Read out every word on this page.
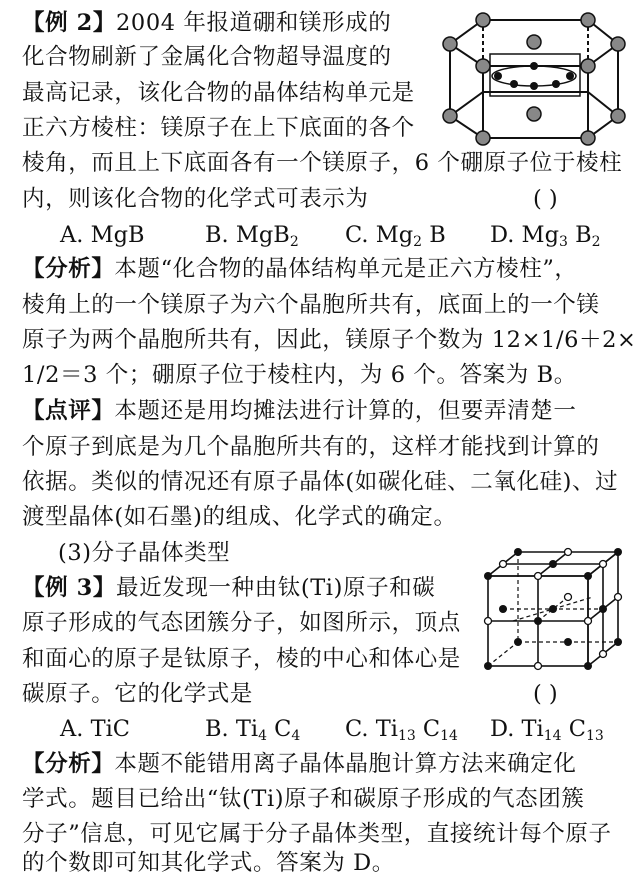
【 例 2 】 2004 年报道硼和镁形成的
化合物刷新了金属化合物超导温度的
最高记录，该化合物的晶体结构单元是
正六方棱柱：镁原子在上下底面的各个
棱角，而且上下底面各有一个镁原子，6 个硼原子位于棱柱
内，则该化合物的化学式可表示为	( )
A. MgB	B. MgB$_2$ C. $Mg_2$ B D. $Mg_3$ $B_2$
【 分析 】 本题“化合物的晶体结构单元是正六方棱柱”，
棱角上的一个镁原子为六个晶胞所共有，底面上的一个镁
原子为两个晶胞所共有，因此，镁原子个数为 12×1/6＋2×
1/2＝3 个；硼原子位于棱柱内，为 6 个。答案为 B。
【 点评 】 本题还是用均摊法进行计算的，但要弄清楚一
个原子到底是为几个晶胞所共有的，这样才能找到计算的
依据。类似的情况还有原子晶体(如碳化硅、二氧化硅)、过
渡型晶体(如石墨)的组成、化学式的确定。
(3)分子晶体类型
【 例 3 】 最近发现一种由钛(Ti)原子和碳
原子形成的气态团簇分子，如图所示，顶点
和面心的原子是钛原子，棱的中心和体心是
碳原子。它的化学式是	( )
A. TiC	B. $Ti_4$ $C_4$ C. $Ti_{13}$ $C_{14}$ D. $Ti_{14}$ $C_{13}$
【 分析 】 本题不能错用离子晶体晶胞计算方法来确定化
学式。题目已给出“钛(Ti)原子和碳原子形成的气态团簇
分子”信息，可见它属于分子晶体类型，直接统计每个原子
的个数即可知其化学式。答案为 D。
